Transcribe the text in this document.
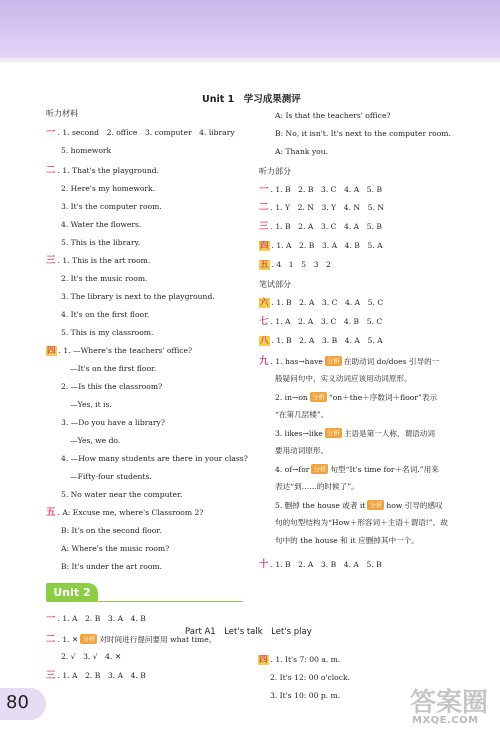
Unit 1　学习成果测评
听力材料
一 . 1. second　2. office　3. computer　4. library
5. homework
二 . 1. That's the playground.
2. Here's my homework.
3. It's the computer room.
4. Water the flowers.
5. This is the library.
三 . 1. This is the art room.
2. It's the music room.
3. The library is next to the playground.
4. It's on the first floor.
5. This is my classroom.
四 . 1. —Where's the teachers' office?
—It's on the first floor.
2. —Is this the classroom?
—Yes, it is.
3. —Do you have a library?
—Yes, we do.
4. —How many students are there in your class?
—Fifty-four students.
5. No water near the computer.
五 . A: Excuse me, where's Classroom 2?
B: It's on the second floor.
A: Where's the music room?
B: It's under the art room.
A: Is that the teachers' office?
B: No, it isn't. It's next to the computer room.
A: Thank you.
听力部分
一 . 1. B　2. B　3. C　4. A　5. B
二 . 1. Y　2. N　3. Y　4. N　5. N
三 . 1. B　2. A　3. C　4. A　5. B
四 . 1. A　2. B　3. A　4. B　5. A
五 . 4　1　5　3　2
笔试部分
六 . 1. B　2. A　3. C　4. A　5. C
七 . 1. A　2. A　3. C　4. B　5. C
八 . 1. B　2. A　3. B　4. A　5. A
九 . 1. has→have 分析 在助动词 do/does 引导的一
般疑问句中，实义动词应该用动词原形。
2. in→on 分析 “on＋the＋序数词＋floor”表示
“在第几层楼”。
3. likes→like 分析 主语是第一人称，谓语动词
要用动词原形。
4. of→for 分析 句型“It's time for＋名词.”用来
表达“到……的时候了”。
5. 删掉 the house 或者 it 分析 how 引导的感叹
句的句型结构为“How＋形容词＋主语＋谓语!”。故
句中的 the house 和 it 应删掉其中一个。
十 . 1. B　2. A　3. B　4. A　5. B
Unit 2
Part A1　Let's talk　Let's play
一 . 1. A　2. B　3. A　4. B
二 . 1. ✕ 分析 对时间进行提问要用 what time。
2. √　3. √　4. ✕
三 . 1. A　2. B　3. A　4. B
四 . 1. It's 7: 00 a. m.
2. It's 12: 00 o'clock.
3. It's 10: 00 p. m.
80	答案圈
MXQE.COM
